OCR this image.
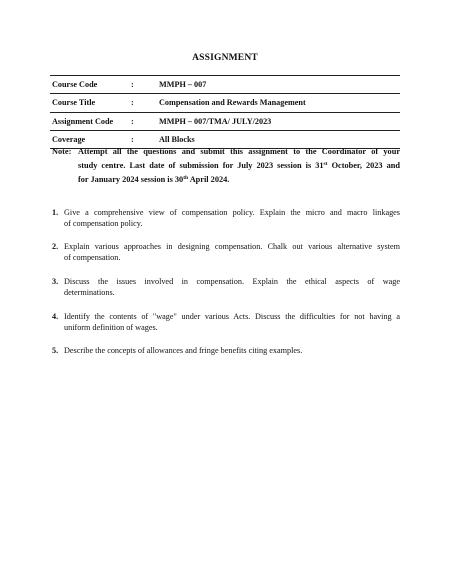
ASSIGNMENT
Course Code	:	MMPH – 007
Course Title	:	Compensation and Rewards Management
Assignment Code :	MMPH – 007/TMA/ JULY/2023
Coverage	:	All Blocks
Note: Attempt all the questions and submit this assignment to the Coordinator of your
study centre. Last date of submission for July 2023 session is 31st October, 2023 and
for January 2024 session is 30th April 2024.
1. Give a comprehensive view of compensation policy. Explain the micro and macro linkages
of compensation policy.
2. Explain various approaches in designing compensation. Chalk out various alternative system
of compensation.
3. Discuss the issues involved in compensation. Explain the ethical aspects of wage
determinations.
4. Identify the contents of "wage" under various Acts. Discuss the difficulties for not having a
uniform definition of wages.
5. Describe the concepts of allowances and fringe benefits citing examples.
